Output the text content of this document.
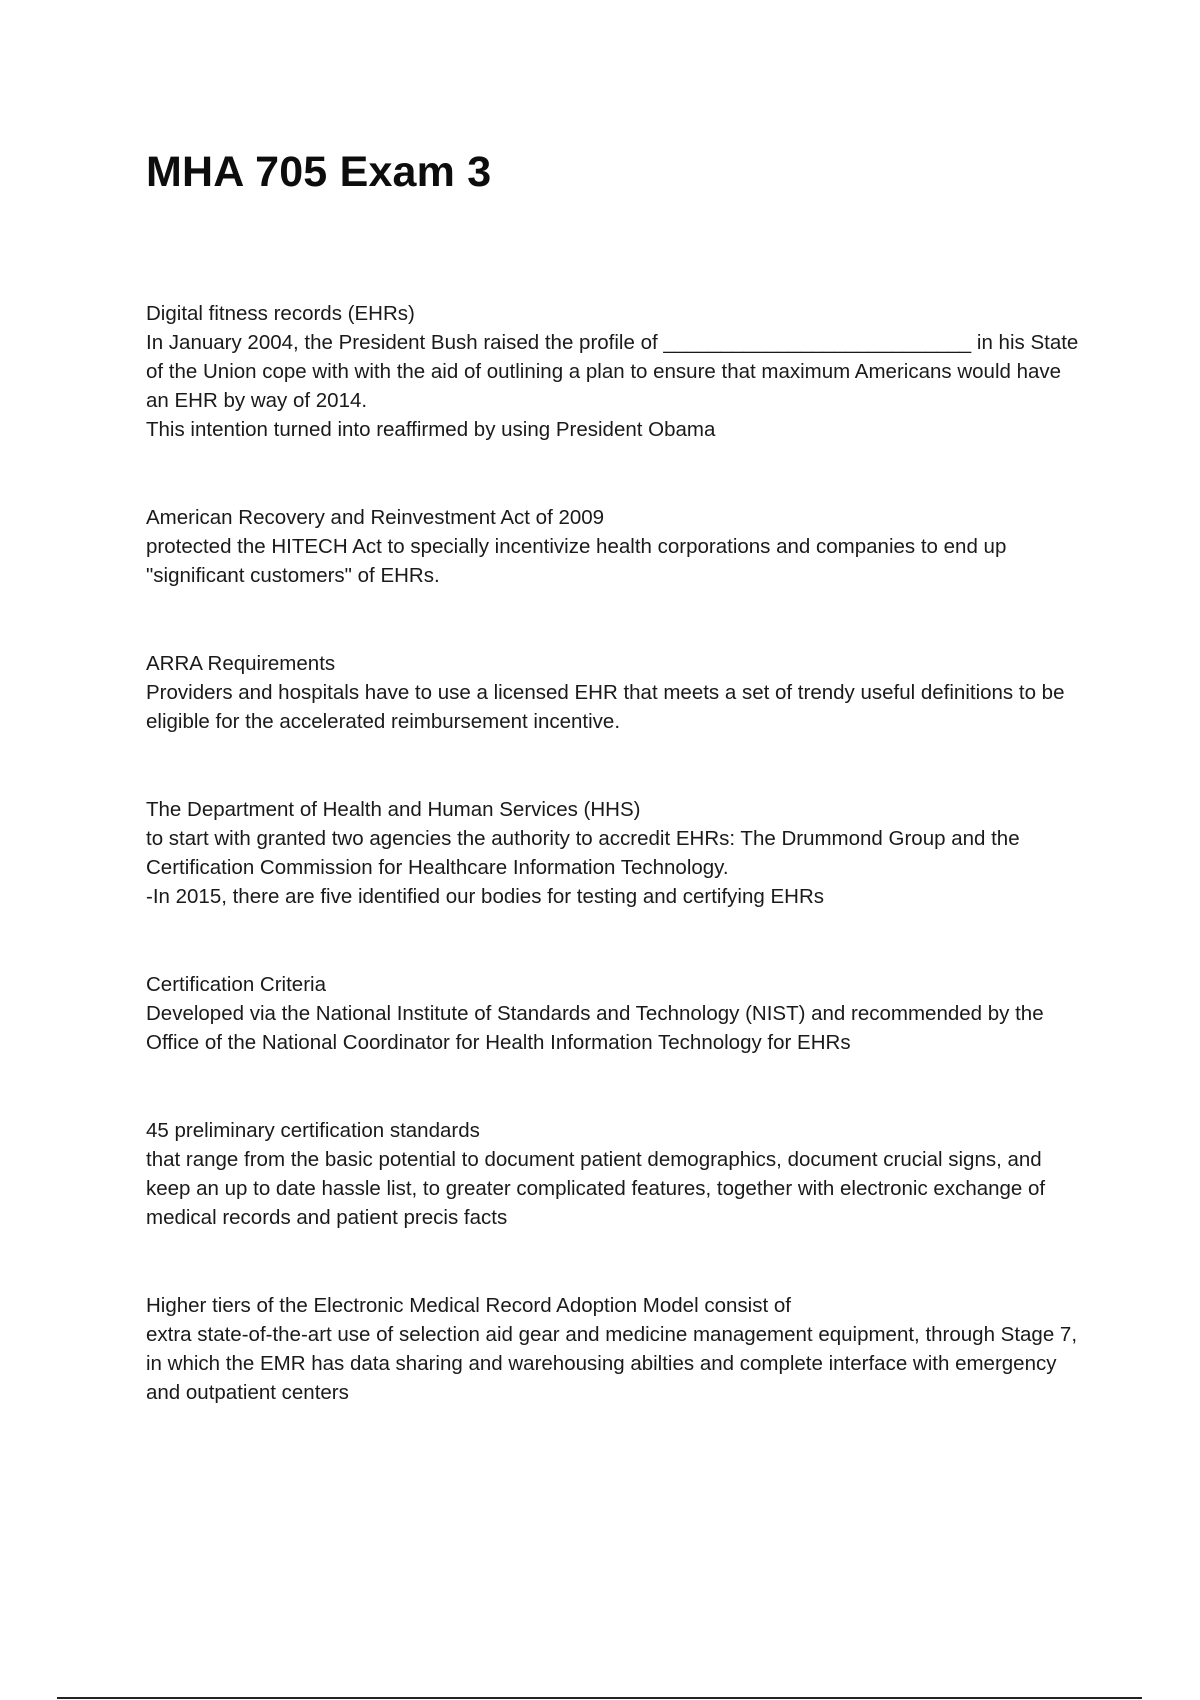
MHA 705 Exam 3

Digital fitness records (EHRs)

In January 2004, the President Bush raised the profile of ___________________________ in his State of the Union cope with with the aid of outlining a plan to ensure that maximum Americans would have an EHR by way of 2014.
This intention turned into reaffirmed by using President Obama

American Recovery and Reinvestment Act of 2009

protected the HITECH Act to specially incentivize health corporations and companies to end up "significant customers" of EHRs.

ARRA Requirements

Providers and hospitals have to use a licensed EHR that meets a set of trendy useful definitions to be eligible for the accelerated reimbursement incentive.

The Department of Health and Human Services (HHS)

to start with granted two agencies the authority to accredit EHRs: The Drummond Group and the Certification Commission for Healthcare Information Technology.
-In 2015, there are five identified our bodies for testing and certifying EHRs

Certification Criteria

Developed via the National Institute of Standards and Technology (NIST) and recommended by the Office of the National Coordinator for Health Information Technology for EHRs

45 preliminary certification standards

that range from the basic potential to document patient demographics, document crucial signs, and keep an up to date hassle list, to greater complicated features, together with electronic exchange of medical records and patient precis facts

Higher tiers of the Electronic Medical Record Adoption Model consist of

extra state-of-the-art use of selection aid gear and medicine management equipment, through Stage 7, in which the EMR has data sharing and warehousing abilties and complete interface with emergency and outpatient centers
